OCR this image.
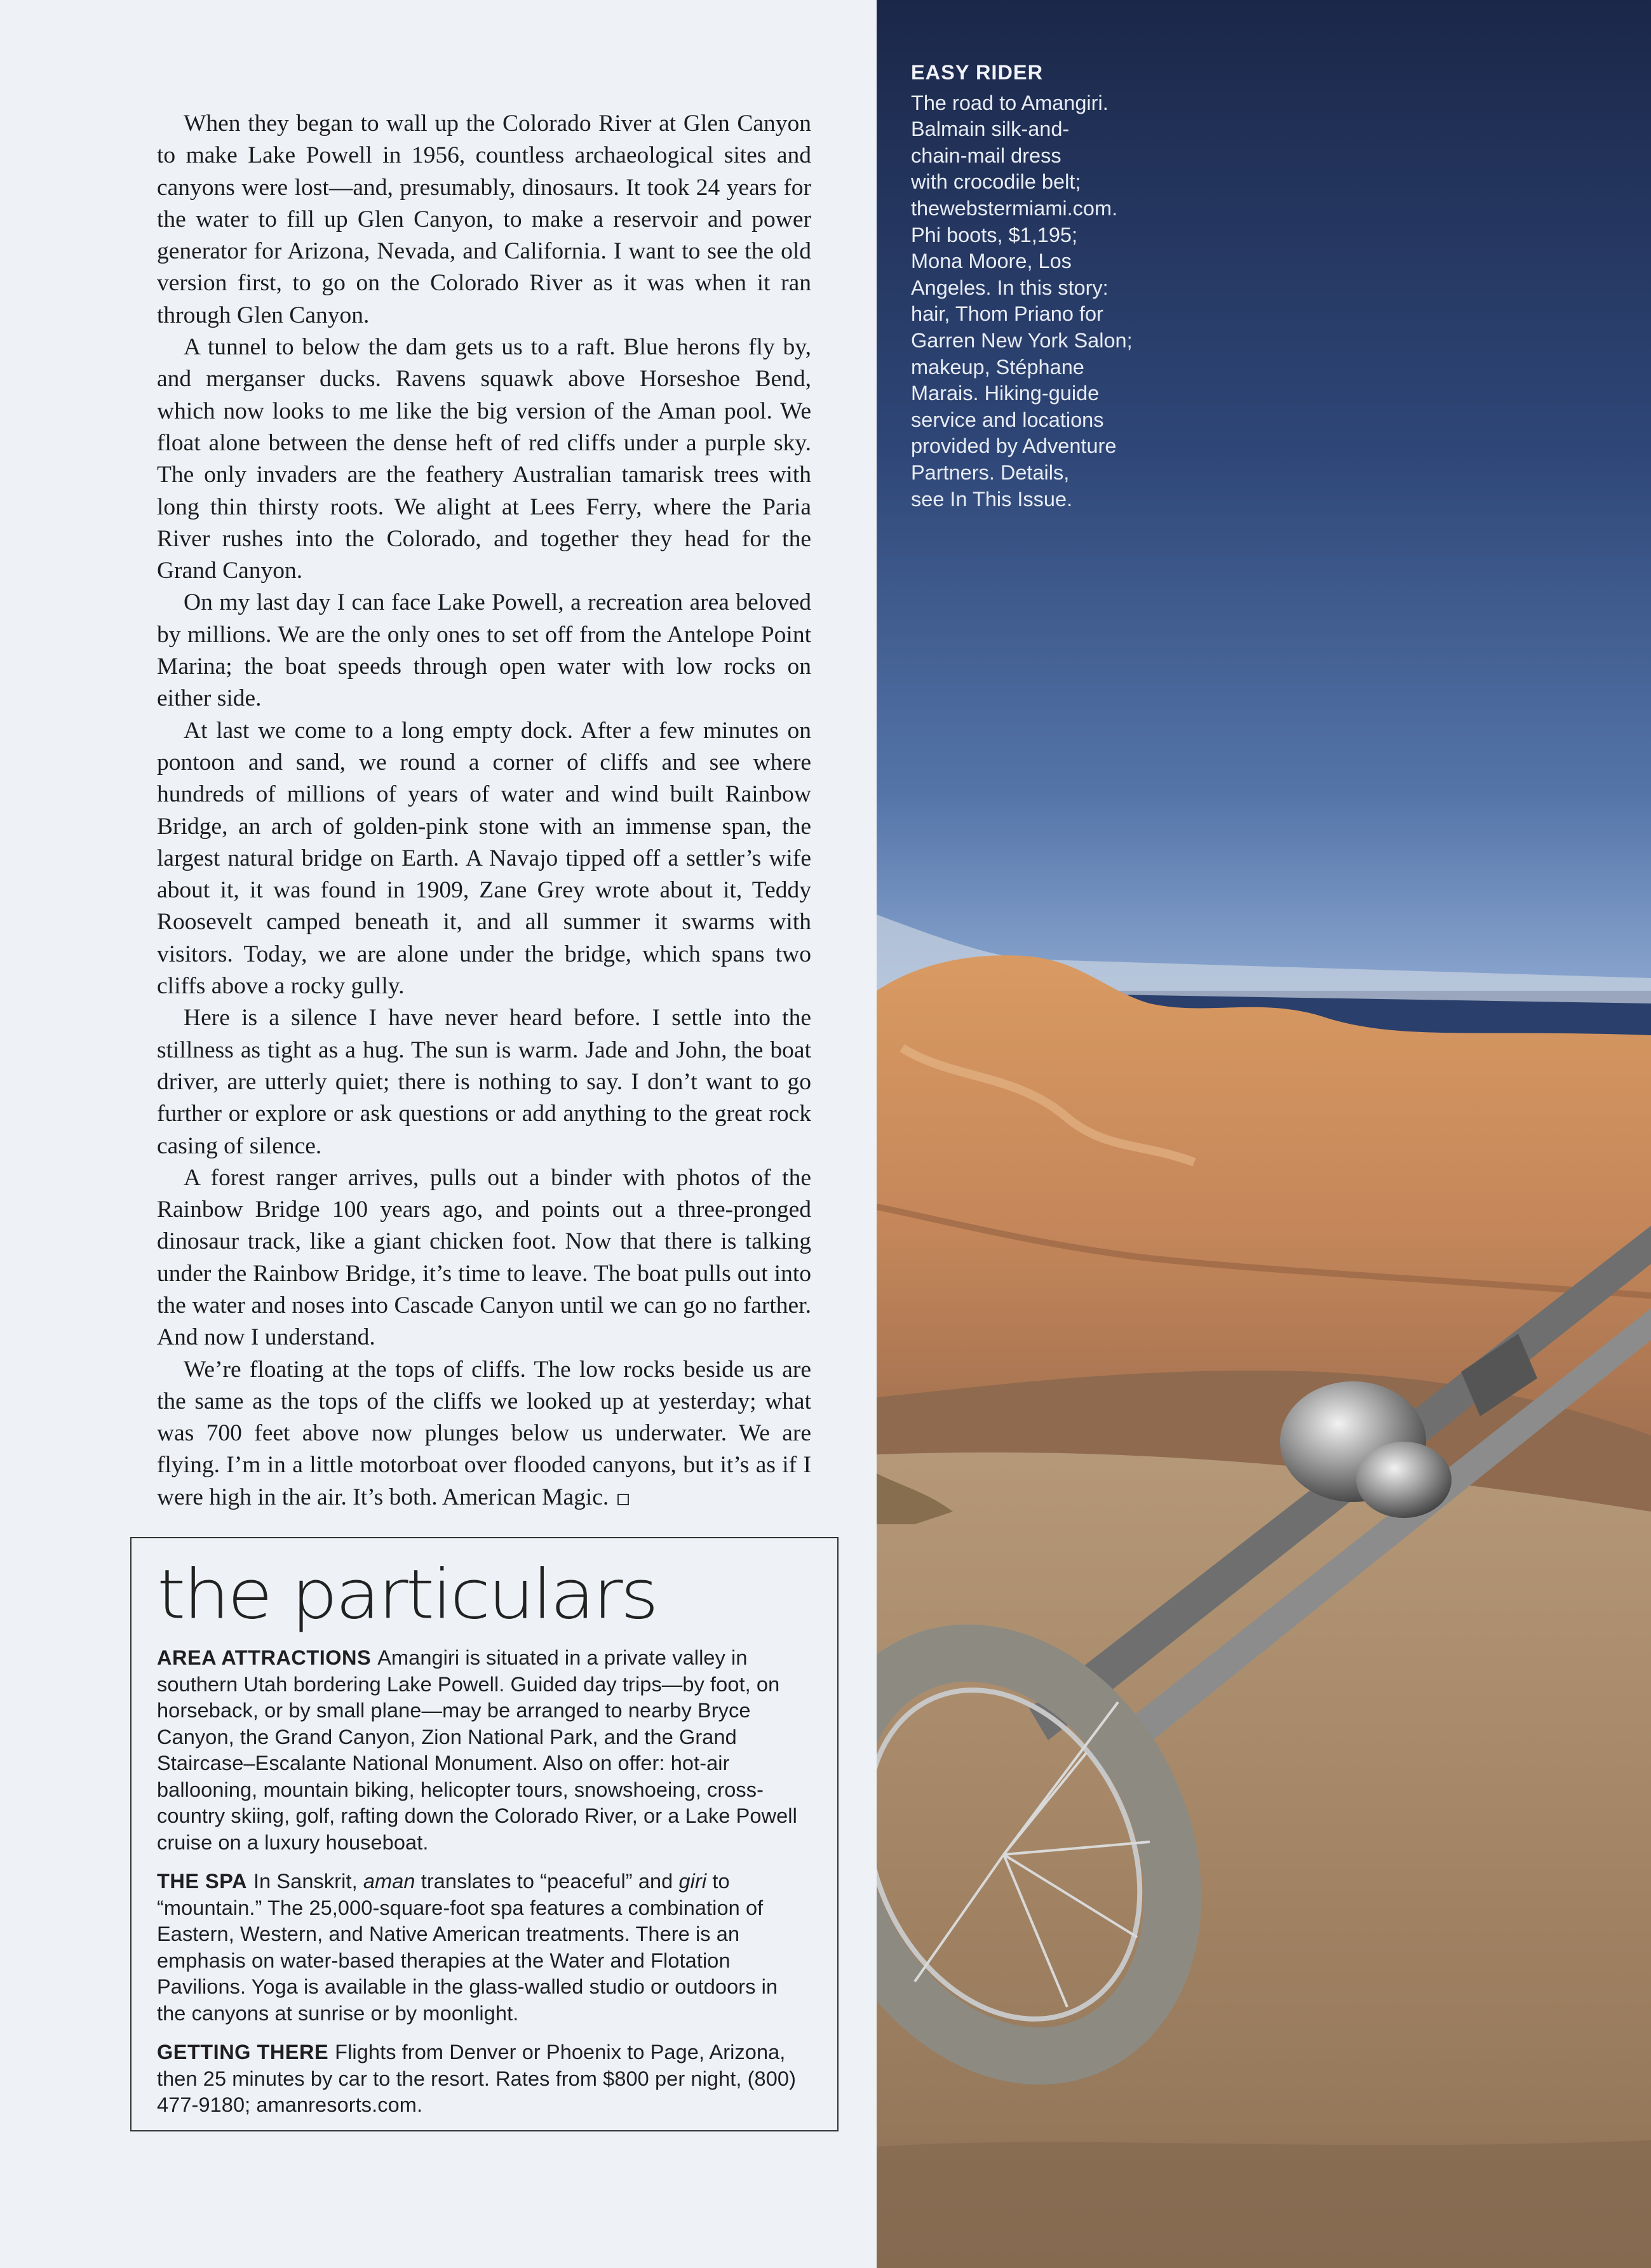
When they began to wall up the Colorado River at Glen Canyon to make Lake Powell in 1956, countless archaeological sites and canyons were lost—and, presumably, dinosaurs. It took 24 years for the water to fill up Glen Canyon, to make a reservoir and power generator for Arizona, Nevada, and California. I want to see the old version first, to go on the Colorado River as it was when it ran through Glen Canyon.

A tunnel to below the dam gets us to a raft. Blue herons fly by, and merganser ducks. Ravens squawk above Horseshoe Bend, which now looks to me like the big version of the Aman pool. We float alone between the dense heft of red cliffs under a purple sky. The only invaders are the feathery Australian tamarisk trees with long thin thirsty roots. We alight at Lees Ferry, where the Paria River rushes into the Colorado, and together they head for the Grand Canyon.

On my last day I can face Lake Powell, a recreation area beloved by millions. We are the only ones to set off from the Antelope Point Marina; the boat speeds through open water with low rocks on either side.

At last we come to a long empty dock. After a few minutes on pontoon and sand, we round a corner of cliffs and see where hundreds of millions of years of water and wind built Rainbow Bridge, an arch of golden-pink stone with an immense span, the largest natural bridge on Earth. A Navajo tipped off a settler’s wife about it, it was found in 1909, Zane Grey wrote about it, Teddy Roosevelt camped beneath it, and all summer it swarms with visitors. Today, we are alone under the bridge, which spans two cliffs above a rocky gully.

Here is a silence I have never heard before. I settle into the stillness as tight as a hug. The sun is warm. Jade and John, the boat driver, are utterly quiet; there is nothing to say. I don’t want to go further or explore or ask questions or add anything to the great rock casing of silence.

A forest ranger arrives, pulls out a binder with photos of the Rainbow Bridge 100 years ago, and points out a three-pronged dinosaur track, like a giant chicken foot. Now that there is talking under the Rainbow Bridge, it’s time to leave. The boat pulls out into the water and noses into Cascade Canyon until we can go no farther. And now I understand.

We’re floating at the tops of cliffs. The low rocks beside us are the same as the tops of the cliffs we looked up at yesterday; what was 700 feet above now plunges below us underwater. We are flying. I’m in a little motorboat over flooded canyons, but it’s as if I were high in the air. It’s both. American Magic.

the particulars

AREA ATTRACTIONS Amangiri is situated in a private valley in southern Utah bordering Lake Powell. Guided day trips—by foot, on horseback, or by small plane—may be arranged to nearby Bryce Canyon, the Grand Canyon, Zion National Park, and the Grand Staircase–Escalante National Monument. Also on offer: hot-air ballooning, mountain biking, helicopter tours, snowshoeing, cross-country skiing, golf, rafting down the Colorado River, or a Lake Powell cruise on a luxury houseboat.

THE SPA In Sanskrit, aman translates to “peaceful” and giri to “mountain.” The 25,000-square-foot spa features a combination of Eastern, Western, and Native American treatments. There is an emphasis on water-based therapies at the Water and Flotation Pavilions. Yoga is available in the glass-walled studio or outdoors in the canyons at sunrise or by moonlight.

GETTING THERE Flights from Denver or Phoenix to Page, Arizona, then 25 minutes by car to the resort. Rates from $800 per night, (800) 477-9180; amanresorts.com.

EASY RIDER
The road to Amangiri.
Balmain silk-and-
chain-mail dress
with crocodile belt;
thewebstermiami.com.
Phi boots, $1,195;
Mona Moore, Los
Angeles. In this story:
hair, Thom Priano for
Garren New York Salon;
makeup, Stéphane
Marais. Hiking-guide
service and locations
provided by Adventure
Partners. Details,
see In This Issue.
